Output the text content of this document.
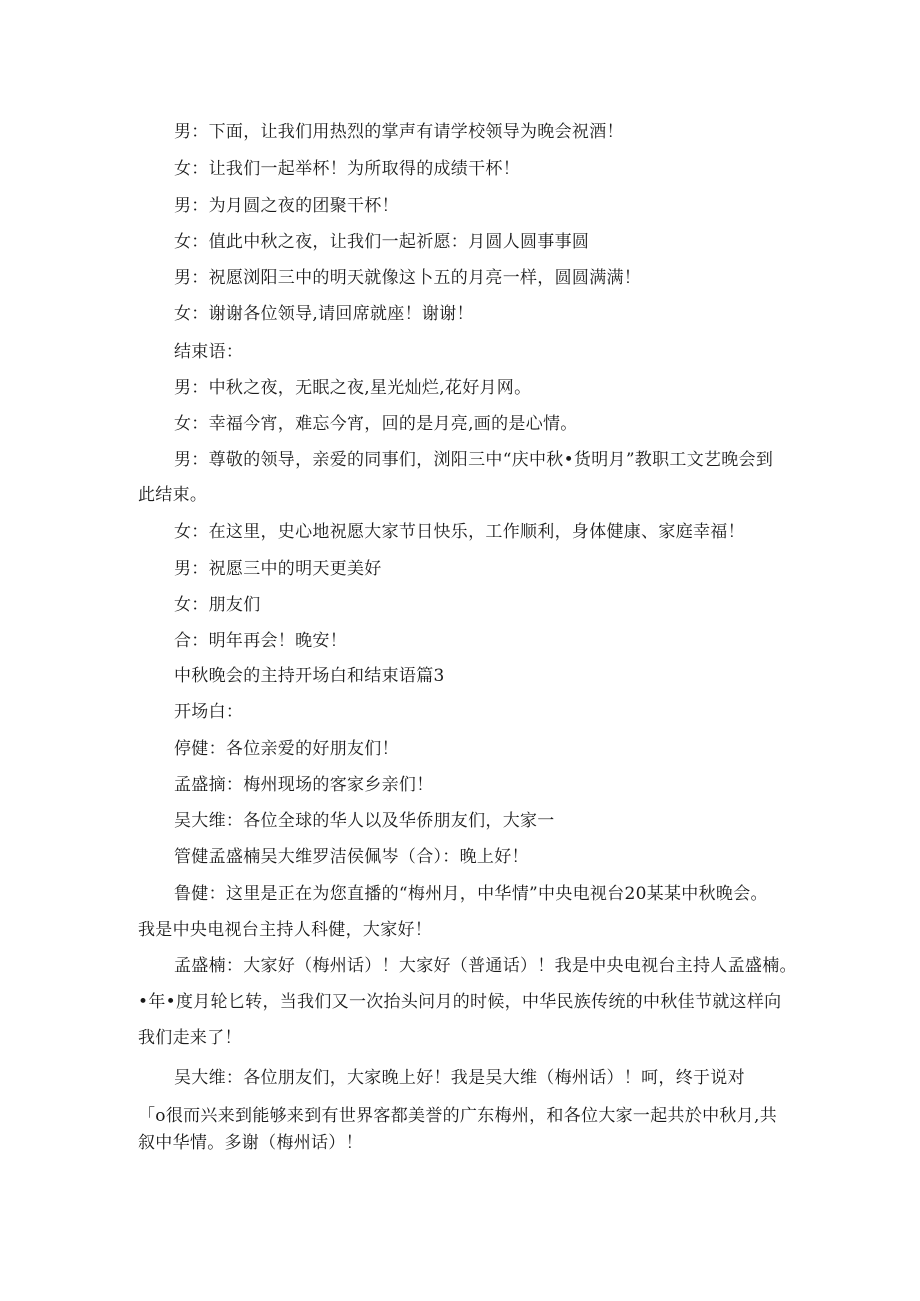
男：下面，让我们用热烈的掌声有请学校领导为晚会祝酒！
女：让我们一起举杯！为所取得的成绩干杯！
男：为月圆之夜的团聚干杯！
女：值此中秋之夜，让我们一起祈愿：月圆人圆事事圆
男：祝愿浏阳三中的明天就像这卜五的月亮一样，圆圆满满！
女：谢谢各位领导,请回席就座！谢谢！
结束语：
男：中秋之夜，无眠之夜,星光灿烂,花好月网。
女：幸福今宵，难忘今宵，回的是月亮,画的是心情。
男：尊敬的领导，亲爱的同事们，浏阳三中“庆中秋•货明月”教职工文艺晚会到
此结束。
女：在这里，史心地祝愿大家节日快乐，工作顺利，身体健康、家庭幸福！
男：祝愿三中的明天更美好
女：朋友们
合：明年再会！晚安！
中秋晚会的主持开场白和结束语篇3
开场白：
停健：各位亲爱的好朋友们！
孟盛摘：梅州现场的客家乡亲们！
吴大维：各位全球的华人以及华侨朋友们，大家一
管健孟盛楠吴大维罗洁侯佩岑（合）：晚上好！
鲁健：这里是正在为您直播的“梅州月，中华情”中央电视台20某某中秋晚会。
我是中央电视台主持人科健，大家好！
孟盛楠：大家好（梅州话）！大家好（普通话）！我是中央电视台主持人孟盛楠。
•年•度月轮匕转，当我们又一次抬头问月的时候，中华民族传统的中秋佳节就这样向
我们走来了！
吴大维：各位朋友们，大家晚上好！我是吴大维（梅州话）！呵，终于说对
「o很而兴来到能够来到有世界客都美誉的广东梅州，和各位大家一起共於中秋月,共
叙中华情。多谢（梅州话）！
